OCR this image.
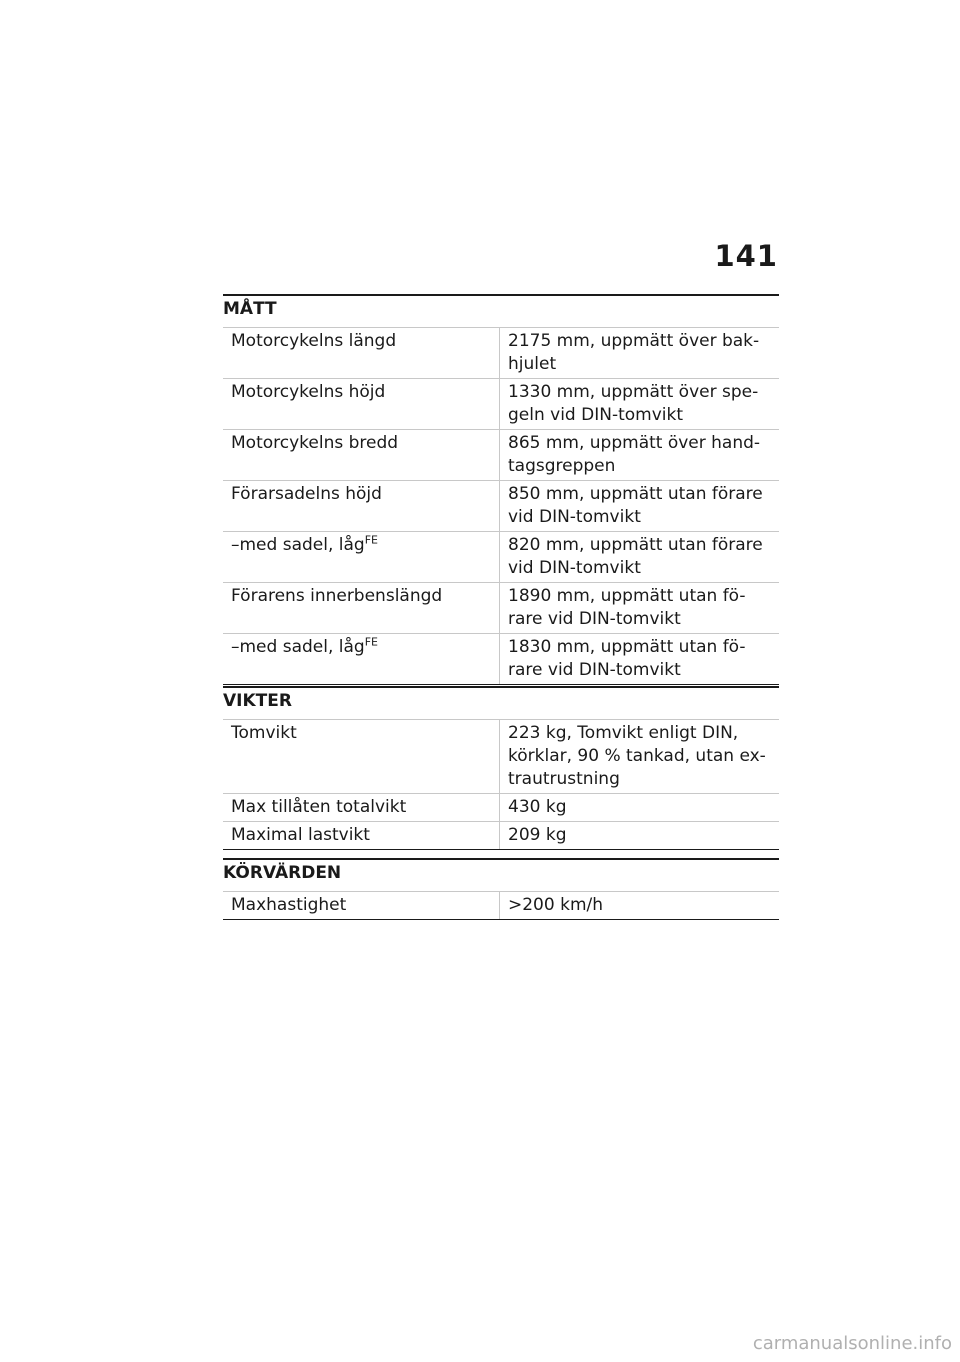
141
MÅTT
Motorcykelns längd	2175 mm, uppmätt över bak-hjulet
Motorcykelns höjd	1330 mm, uppmätt över spe-geln vid DIN-tomvikt
Motorcykelns bredd	865 mm, uppmätt över hand-tagsgreppen
Förarsadelns höjd	850 mm, uppmätt utan förare vid DIN-tomvikt
–med sadel, låg$^{FE}$	820 mm, uppmätt utan förare vid DIN-tomvikt
Förarens innerbenslängd	1890 mm, uppmätt utan fö-rare vid DIN-tomvikt
–med sadel, låg$^{FE}$	1830 mm, uppmätt utan fö-rare vid DIN-tomvikt
VIKTER
Tomvikt	223 kg, Tomvikt enligt DIN, körklar, 90 % tankad, utan ex-trautrustning
Max tillåten totalvikt	430 kg
Maximal lastvikt	209 kg
KÖRVÄRDEN
Maxhastighet	>200 km/h
carmanualsonline.info
